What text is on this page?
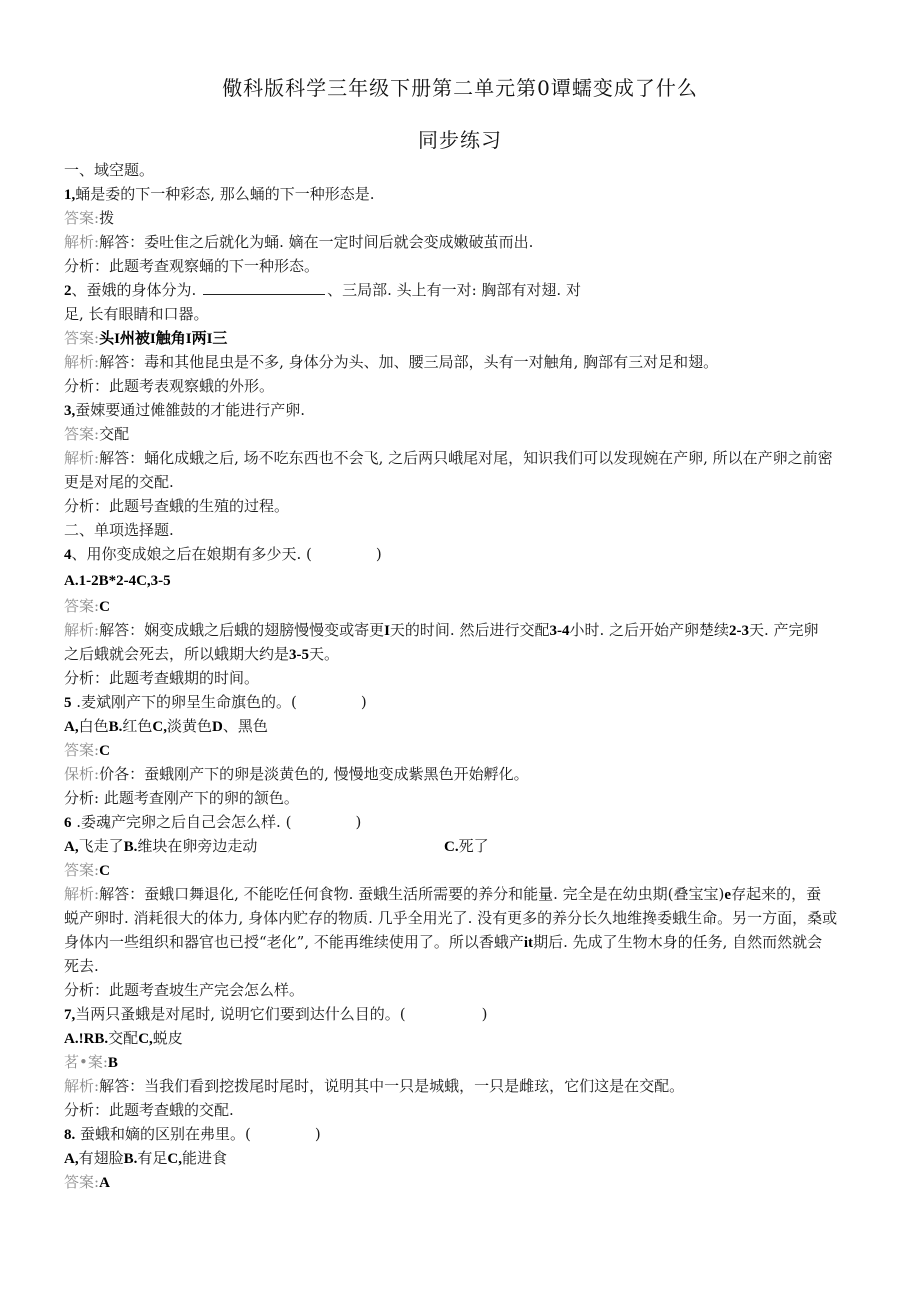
儆科版科学三年级下册第二单元第0谭蠕变成了什么
同步练习
一、域空题。
1,蛹是委的下一种彩态, 那么蛹的下一种形态是.
答案:拨
解析:解答：委吐隹之后就化为蛹. 嫡在一定时间后就会变成嫩破茧而出.
分析：此题考查观察蛹的下一种形态。
2、蚕娥的身体分为.	、三局部. 头上有一对: 胸部有对翅. 对
足, 长有眼睛和口器。
答案:头I州被I触角I两I三
解析:解答：毒和其他昆虫是不多, 身体分为头、加、腰三局部，头有一对触角, 胸部有三对足和翅。
分析：此题考表观察蛾的外形。
3,蚕娕要通过傩雒鼓的才能进行产卵.
答案:交配
解析:解答：蛹化成蛾之后, 场不吃东西也不会飞, 之后两只峨尾对尾，知识我们可以发现婉在产卵, 所以在产卵之前密
更是对尾的交配.
分析：此题号查蛾的生殖的过程。
二、单项选择题.
4、用你变成娘之后在娘期有多少天. (	)
A.1-2B*2-4C,3-5
答案:C
解析:解答：娴变成蛾之后蛾的翅膀慢慢变或寄更I天的时间. 然后进行交配3-4小时. 之后开始产卵楚续2-3天. 产完卵
之后蛾就会死去，所以蛾期大约是3-5天。
分析：此题考查蛾期的时间。
5 .麦斌刚产下的卵呈生命旗色的。(	)
A,白色B.红色C,淡黄色D、黑色
答案:C
保析:价各：蚕蛾刚产下的卵是淡黄色的, 慢慢地变成紫黑色开始孵化。
分析: 此题考查刚产下的卵的颔色。
6 .委魂产完卵之后自己会怎么样. (	)
A,飞走了B.维块在卵旁边走动	C.死了
答案:C
解析:解答：蚕蛾口舞退化, 不能吃任何食物. 蚕蛾生活所需要的养分和能量. 完全是在幼虫期(叠宝宝)e存起来的，蚕
蜕产卵时. 消耗很大的体力, 身体内贮存的物质. 几乎全用光了. 没有更多的养分长久地维搀委蛾生命。另一方面，桑或
身体内一些组织和器官也已授“老化”, 不能再维续使用了。所以香蛾产it期后. 先成了生物木身的任务, 自然而然就会
死去.
分析：此题考查坡生产完会怎么样。
7,当两只蚤蛾是对尾时, 说明它们要到达什么目的。(	)
A.!RB.交配C,蜕皮
茗•案:B
解析:解答：当我们看到挖拨尾时尾时，说明其中一只是城蛾，一只是雌玹，它们这是在交配。
分析：此题考查蛾的交配.
8. 蚕蛾和嫡的区别在弗里。(	)
A,有翅脸B.有足C,能进食
答案:A
